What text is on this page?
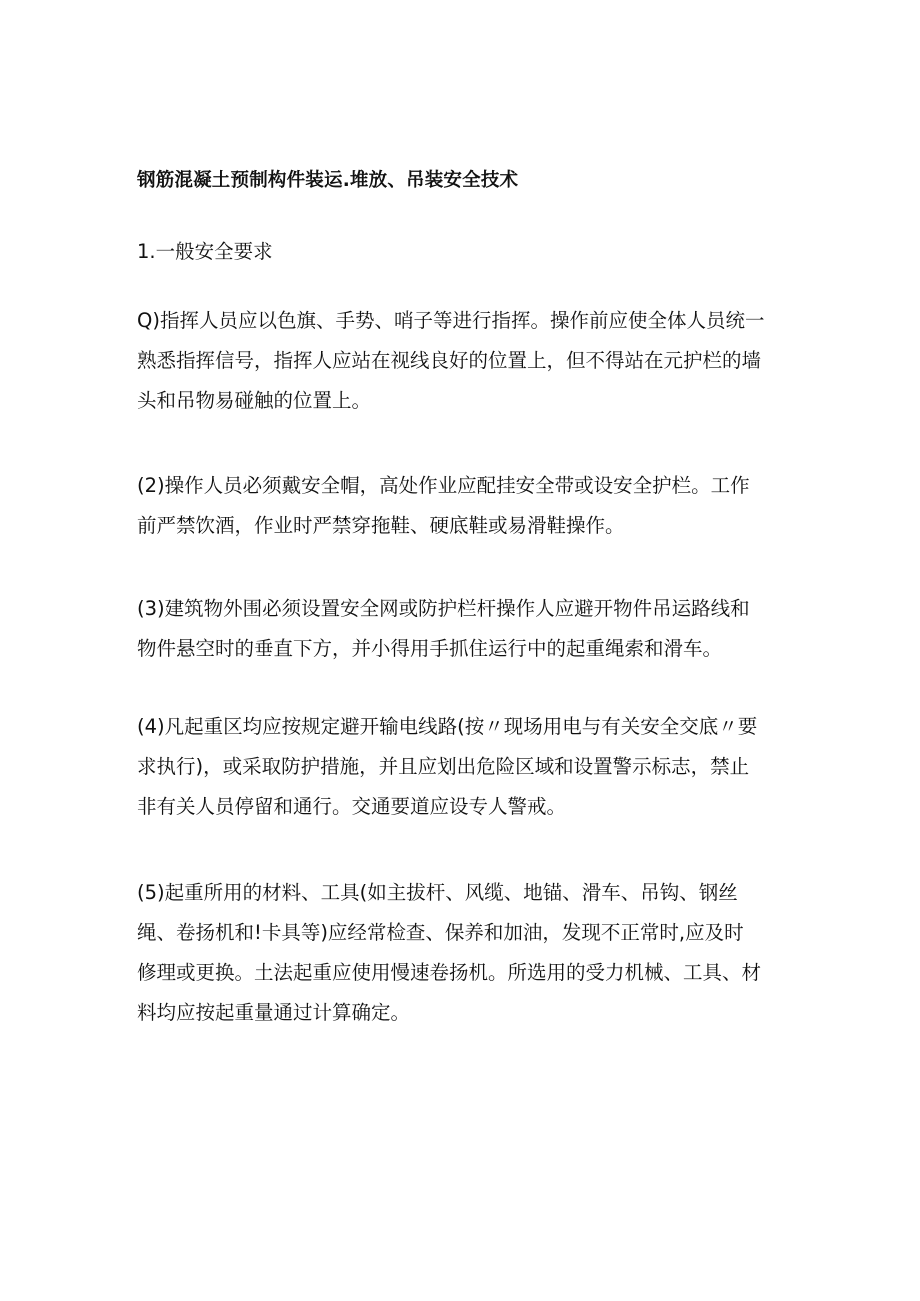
钢筋混凝土预制构件装运.堆放、吊装安全技术
1.一般安全要求
Q)指挥人员应以色旗、手势、哨子等进行指挥。操作前应使全体人员统一
熟悉指挥信号，指挥人应站在视线良好的位置上，但不得站在元护栏的墙
头和吊物易碰触的位置上。
(2)操作人员必须戴安全帽，高处作业应配挂安全带或设安全护栏。工作
前严禁饮酒，作业时严禁穿拖鞋、硬底鞋或易滑鞋操作。
(3)建筑物外围必须设置安全网或防护栏杆操作人应避开物件吊运路线和
物件悬空时的垂直下方，并小得用手抓住运行中的起重绳索和滑车。
(4)凡起重区均应按规定避开输电线路(按〃现场用电与有关安全交底〃要
求执行)，或采取防护措施，并且应划出危险区域和设置警示标志，禁止
非有关人员停留和通行。交通要道应设专人警戒。
(5)起重所用的材料、工具(如主拔杆、风缆、地锚、滑车、吊钩、钢丝
绳、卷扬机和!卡具等)应经常检查、保养和加油，发现不正常时,应及时
修理或更换。土法起重应使用慢速卷扬机。所选用的受力机械、工具、材
料均应按起重量通过计算确定。
